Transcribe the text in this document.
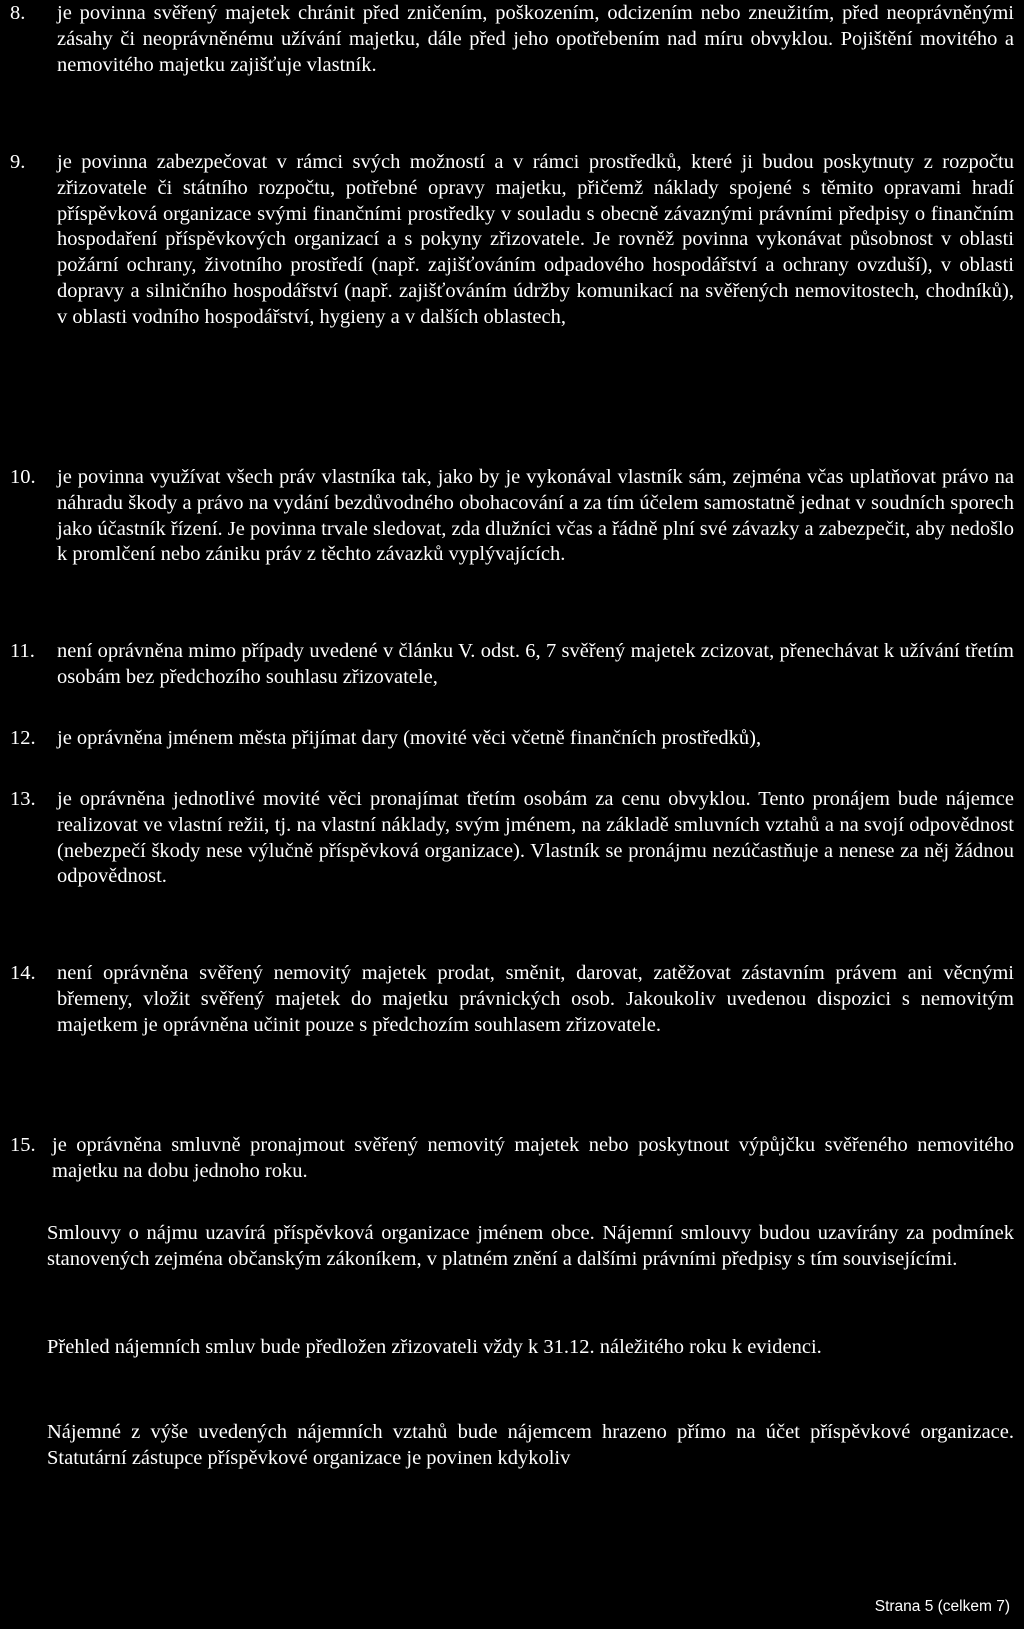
8.	je povinna svěřený majetek chránit před zničením, poškozením, odcizením nebo zneužitím, před neoprávněnými zásahy či neoprávněnému užívání majetku, dále před jeho opotřebením nad míru obvyklou. Pojištění movitého a nemovitého majetku zajišťuje vlastník.
9.	je povinna zabezpečovat v rámci svých možností a v rámci prostředků, které ji budou poskytnuty z rozpočtu zřizovatele či státního rozpočtu, potřebné opravy majetku, přičemž náklady spojené s těmito opravami hradí příspěvková organizace svými finančními prostředky v souladu s obecně závaznými právními předpisy o finančním hospodaření příspěvkových organizací a s pokyny zřizovatele. Je rovněž povinna vykonávat působnost v oblasti požární ochrany, životního prostředí (např. zajišťováním odpadového hospodářství a ochrany ovzduší), v oblasti dopravy a silničního hospodářství (např. zajišťováním údržby komunikací na svěřených nemovitostech, chodníků), v oblasti vodního hospodářství, hygieny a v dalších oblastech,
10.	je povinna využívat všech práv vlastníka tak, jako by je vykonával vlastník sám, zejména včas uplatňovat právo na náhradu škody a právo na vydání bezdůvodného obohacování a za tím účelem samostatně jednat v soudních sporech jako účastník řízení. Je povinna trvale sledovat, zda dlužníci včas a řádně plní své závazky a zabezpečit, aby nedošlo k promlčení nebo zániku práv z těchto závazků vyplývajících.
11.	není oprávněna mimo případy uvedené v článku V. odst. 6, 7 svěřený majetek zcizovat, přenechávat k užívání třetím osobám bez předchozího souhlasu zřizovatele,
12.	je oprávněna jménem města přijímat dary (movité věci včetně finančních prostředků),
13.	je oprávněna jednotlivé movité věci pronajímat třetím osobám za cenu obvyklou. Tento pronájem bude nájemce realizovat ve vlastní režii, tj. na vlastní náklady, svým jménem, na základě smluvních vztahů a na svojí odpovědnost (nebezpečí škody nese výlučně příspěvková organizace). Vlastník se pronájmu nezúčastňuje a nenese za něj žádnou odpovědnost.
14.	není oprávněna svěřený nemovitý majetek prodat, směnit, darovat, zatěžovat zástavním právem ani věcnými břemeny, vložit svěřený majetek do majetku právnických osob. Jakoukoliv uvedenou dispozici s nemovitým majetkem je oprávněna učinit pouze s předchozím souhlasem zřizovatele.
15. je oprávněna smluvně pronajmout svěřený nemovitý majetek nebo poskytnout výpůjčku svěřeného nemovitého majetku na dobu jednoho roku.
Smlouvy o nájmu uzavírá příspěvková organizace jménem obce. Nájemní smlouvy budou uzavírány za podmínek stanovených zejména občanským zákoníkem, v platném znění a dalšími právními předpisy s tím souvisejícími.
Přehled nájemních smluv bude předložen zřizovateli vždy k 31.12. náležitého roku k evidenci.
Nájemné z výše uvedených nájemních vztahů bude nájemcem hrazeno přímo na účet příspěvkové organizace. Statutární zástupce příspěvkové organizace je povinen kdykoliv
Strana 5 (celkem 7)
